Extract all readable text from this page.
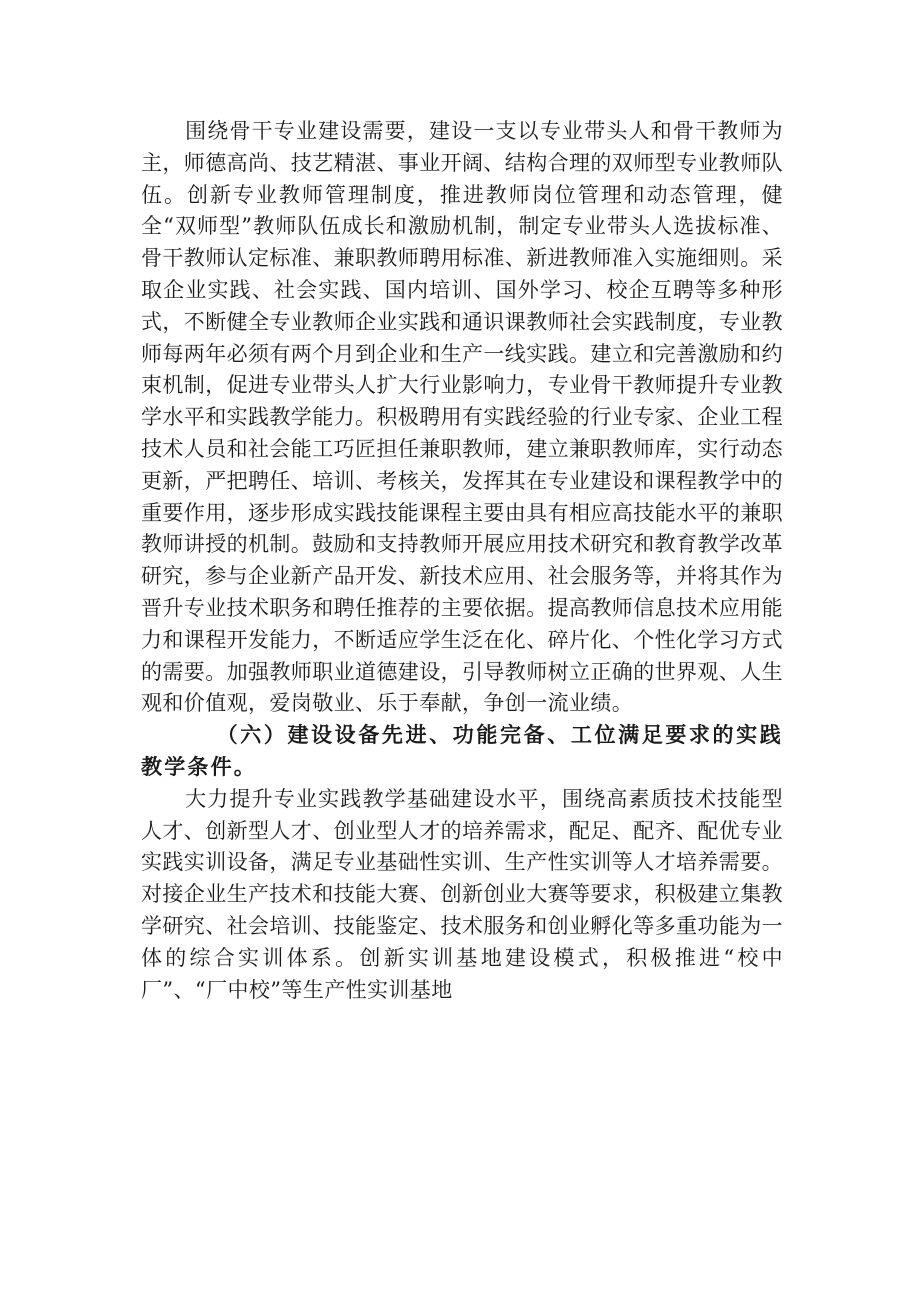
围绕骨干专业建设需要，建设一支以专业带头人和骨干教师为主，师德高尚、技艺精湛、事业开阔、结构合理的双师型专业教师队伍。创新专业教师管理制度，推进教师岗位管理和动态管理，健全“双师型”教师队伍成长和激励机制，制定专业带头人选拔标准、骨干教师认定标准、兼职教师聘用标准、新进教师准入实施细则。采取企业实践、社会实践、国内培训、国外学习、校企互聘等多种形式，不断健全专业教师企业实践和通识课教师社会实践制度，专业教师每两年必须有两个月到企业和生产一线实践。建立和完善激励和约束机制，促进专业带头人扩大行业影响力，专业骨干教师提升专业教学水平和实践教学能力。积极聘用有实践经验的行业专家、企业工程技术人员和社会能工巧匠担任兼职教师，建立兼职教师库，实行动态更新，严把聘任、培训、考核关，发挥其在专业建设和课程教学中的重要作用，逐步形成实践技能课程主要由具有相应高技能水平的兼职教师讲授的机制。鼓励和支持教师开展应用技术研究和教育教学改革研究，参与企业新产品开发、新技术应用、社会服务等，并将其作为晋升专业技术职务和聘任推荐的主要依据。提高教师信息技术应用能力和课程开发能力，不断适应学生泛在化、碎片化、个性化学习方式的需要。加强教师职业道德建设，引导教师树立正确的世界观、人生观和价值观，爱岗敬业、乐于奉献，争创一流业绩。

（六）建设设备先进、功能完备、工位满足要求的实践教学条件。

大力提升专业实践教学基础建设水平，围绕高素质技术技能型人才、创新型人才、创业型人才的培养需求，配足、配齐、配优专业实践实训设备，满足专业基础性实训、生产性实训等人才培养需要。对接企业生产技术和技能大赛、创新创业大赛等要求，积极建立集教学研究、社会培训、技能鉴定、技术服务和创业孵化等多重功能为一体的综合实训体系。创新实训基地建设模式，积极推进“校中厂”、“厂中校”等生产性实训基地
